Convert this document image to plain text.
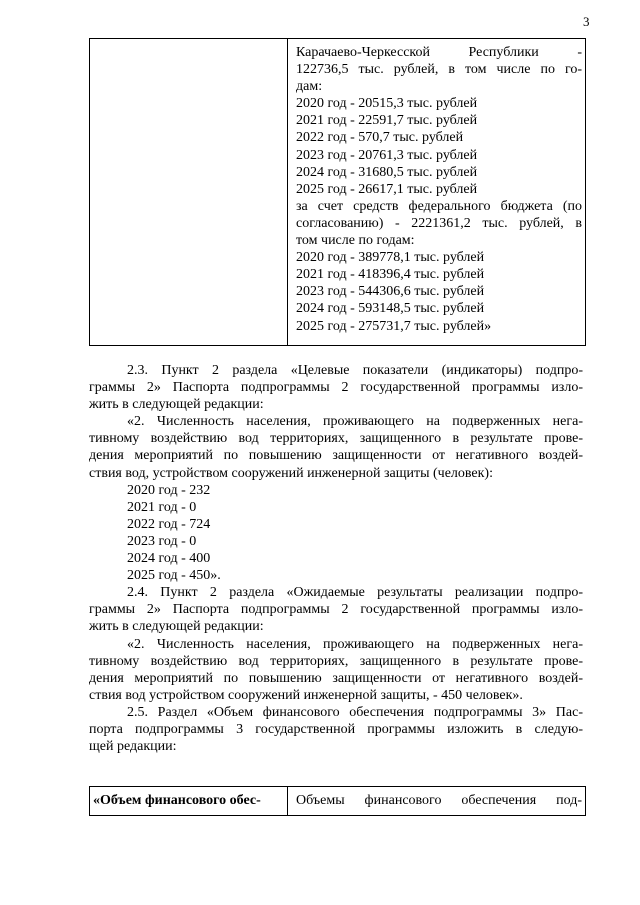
3
Карачаево-Черкесской Республики -
122736,5 тыс. рублей, в том числе по го-
дам:
2020 год - 20515,3 тыс. рублей
2021 год - 22591,7 тыс. рублей
2022 год - 570,7 тыс. рублей
2023 год - 20761,3 тыс. рублей
2024 год - 31680,5 тыс. рублей
2025 год - 26617,1 тыс. рублей
за счет средств федерального бюджета (по
согласованию) - 2221361,2 тыс. рублей, в
том числе по годам:
2020 год - 389778,1 тыс. рублей
2021 год - 418396,4 тыс. рублей
2023 год - 544306,6 тыс. рублей
2024 год - 593148,5 тыс. рублей
2025 год - 275731,7 тыс. рублей»
2.3. Пункт 2 раздела «Целевые показатели (индикаторы) подпро-
граммы 2» Паспорта подпрограммы 2 государственной программы изло-
жить в следующей редакции:
«2. Численность населения, проживающего на подверженных нега-
тивному воздействию вод территориях, защищенного в результате прове-
дения мероприятий по повышению защищенности от негативного воздей-
ствия вод, устройством сооружений инженерной защиты (человек):
2020 год - 232
2021 год - 0
2022 год - 724
2023 год - 0
2024 год - 400
2025 год - 450».
2.4. Пункт 2 раздела «Ожидаемые результаты реализации подпро-
граммы 2» Паспорта подпрограммы 2 государственной программы изло-
жить в следующей редакции:
«2. Численность населения, проживающего на подверженных нега-
тивному воздействию вод территориях, защищенного в результате прове-
дения мероприятий по повышению защищенности от негативного воздей-
ствия вод устройством сооружений инженерной защиты, - 450 человек».
2.5. Раздел «Объем финансового обеспечения подпрограммы 3» Пас-
порта подпрограммы 3 государственной программы изложить в следую-
щей редакции:
«Объем финансового обес-	Объемы финансового обеспечения под-
